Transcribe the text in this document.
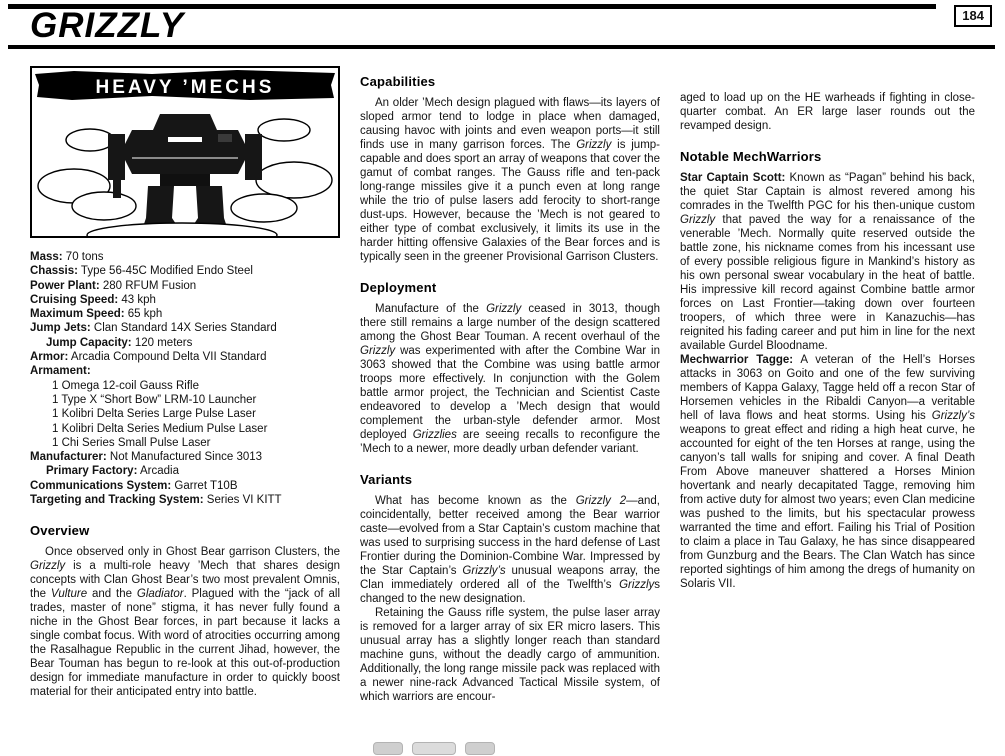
184
GRIZZLY
HEAVY ’MECHS
Mass: 70 tons
Chassis: Type 56-45C Modified Endo Steel
Power Plant: 280 RFUM Fusion
Cruising Speed: 43 kph
Maximum Speed: 65 kph
Jump Jets: Clan Standard 14X Series Standard
Jump Capacity: 120 meters
Armor: Arcadia Compound Delta VII Standard
Armament:
1 Omega 12-coil Gauss Rifle
1 Type X “Short Bow” LRM-10 Launcher
1 Kolibri Delta Series Large Pulse Laser
1 Kolibri Delta Series Medium Pulse Laser
1 Chi Series Small Pulse Laser
Manufacturer: Not Manufactured Since 3013
Primary Factory: Arcadia
Communications System: Garret T10B
Targeting and Tracking System: Series VI KITT
Overview

Once observed only in Ghost Bear garrison Clusters, the Grizzly is a multi-role heavy ’Mech that shares design concepts with Clan Ghost Bear’s two most prevalent Omnis, the Vulture and the Gladiator. Plagued with the “jack of all trades, master of none” stigma, it has never fully found a niche in the Ghost Bear forces, in part because it lacks a single combat focus. With word of atrocities occurring among the Rasalhague Republic in the current Jihad, however, the Bear Touman has begun to re-look at this out-of-production design for immediate manufacture in order to quickly boost material for their anticipated entry into battle.

Capabilities

An older ’Mech design plagued with flaws—its layers of sloped armor tend to lodge in place when damaged, causing havoc with joints and even weapon ports—it still finds use in many garrison forces. The Grizzly is jump-capable and does sport an array of weapons that cover the gamut of combat ranges. The Gauss rifle and ten-pack long-range missiles give it a punch even at long range while the trio of pulse lasers add ferocity to short-range dust-ups. However, because the ’Mech is not geared to either type of combat exclusively, it limits its use in the harder hitting offensive Galaxies of the Bear forces and is typically seen in the greener Provisional Garrison Clusters.

Deployment

Manufacture of the Grizzly ceased in 3013, though there still remains a large number of the design scattered among the Ghost Bear Touman. A recent overhaul of the Grizzly was experimented with after the Combine War in 3063 showed that the Combine was using battle armor troops more effectively. In conjunction with the Golem battle armor project, the Technician and Scientist Caste endeavored to develop a ’Mech design that would complement the urban-style defender armor. Most deployed Grizzlies are seeing recalls to reconfigure the ’Mech to a newer, more deadly urban defender variant.

Variants

What has become known as the Grizzly 2—and, coincidentally, better received among the Bear warrior caste—evolved from a Star Captain’s custom machine that was used to surprising success in the hard defense of Last Frontier during the Dominion-Combine War. Impressed by the Star Captain’s Grizzly’s unusual weapons array, the Clan immediately ordered all of the Twelfth’s Grizzlys changed to the new designation.

Retaining the Gauss rifle system, the pulse laser array is removed for a larger array of six ER micro lasers. This unusual array has a slightly longer reach than standard machine guns, without the deadly cargo of ammunition. Additionally, the long range missile pack was replaced with a newer nine-rack Advanced Tactical Missile system, of which warriors are encour-

aged to load up on the HE warheads if fighting in close-quarter combat. An ER large laser rounds out the revamped design.

Notable MechWarriors

Star Captain Scott: Known as “Pagan” behind his back, the quiet Star Captain is almost revered among his comrades in the Twelfth PGC for his then-unique custom Grizzly that paved the way for a renaissance of the venerable ’Mech. Normally quite reserved outside the battle zone, his nickname comes from his incessant use of every possible religious figure in Mankind’s history as his own personal swear vocabulary in the heat of battle. His impressive kill record against Combine battle armor forces on Last Frontier—taking down over fourteen troopers, of which three were in Kanazuchis—has reignited his fading career and put him in line for the next available Gurdel Bloodname.

Mechwarrior Tagge: A veteran of the Hell’s Horses attacks in 3063 on Goito and one of the few surviving members of Kappa Galaxy, Tagge held off a recon Star of Horsemen vehicles in the Ribaldi Canyon—a veritable hell of lava flows and heat storms. Using his Grizzly’s weapons to great effect and riding a high heat curve, he accounted for eight of the ten Horses at range, using the canyon’s tall walls for sniping and cover. A final Death From Above maneuver shattered a Horses Minion hovertank and nearly decapitated Tagge, removing him from active duty for almost two years; even Clan medicine was pushed to the limits, but his spectacular prowess warranted the time and effort. Failing his Trial of Position to claim a place in Tau Galaxy, he has since disappeared from Gunzburg and the Bears. The Clan Watch has since reported sightings of him among the dregs of humanity on Solaris VII.
